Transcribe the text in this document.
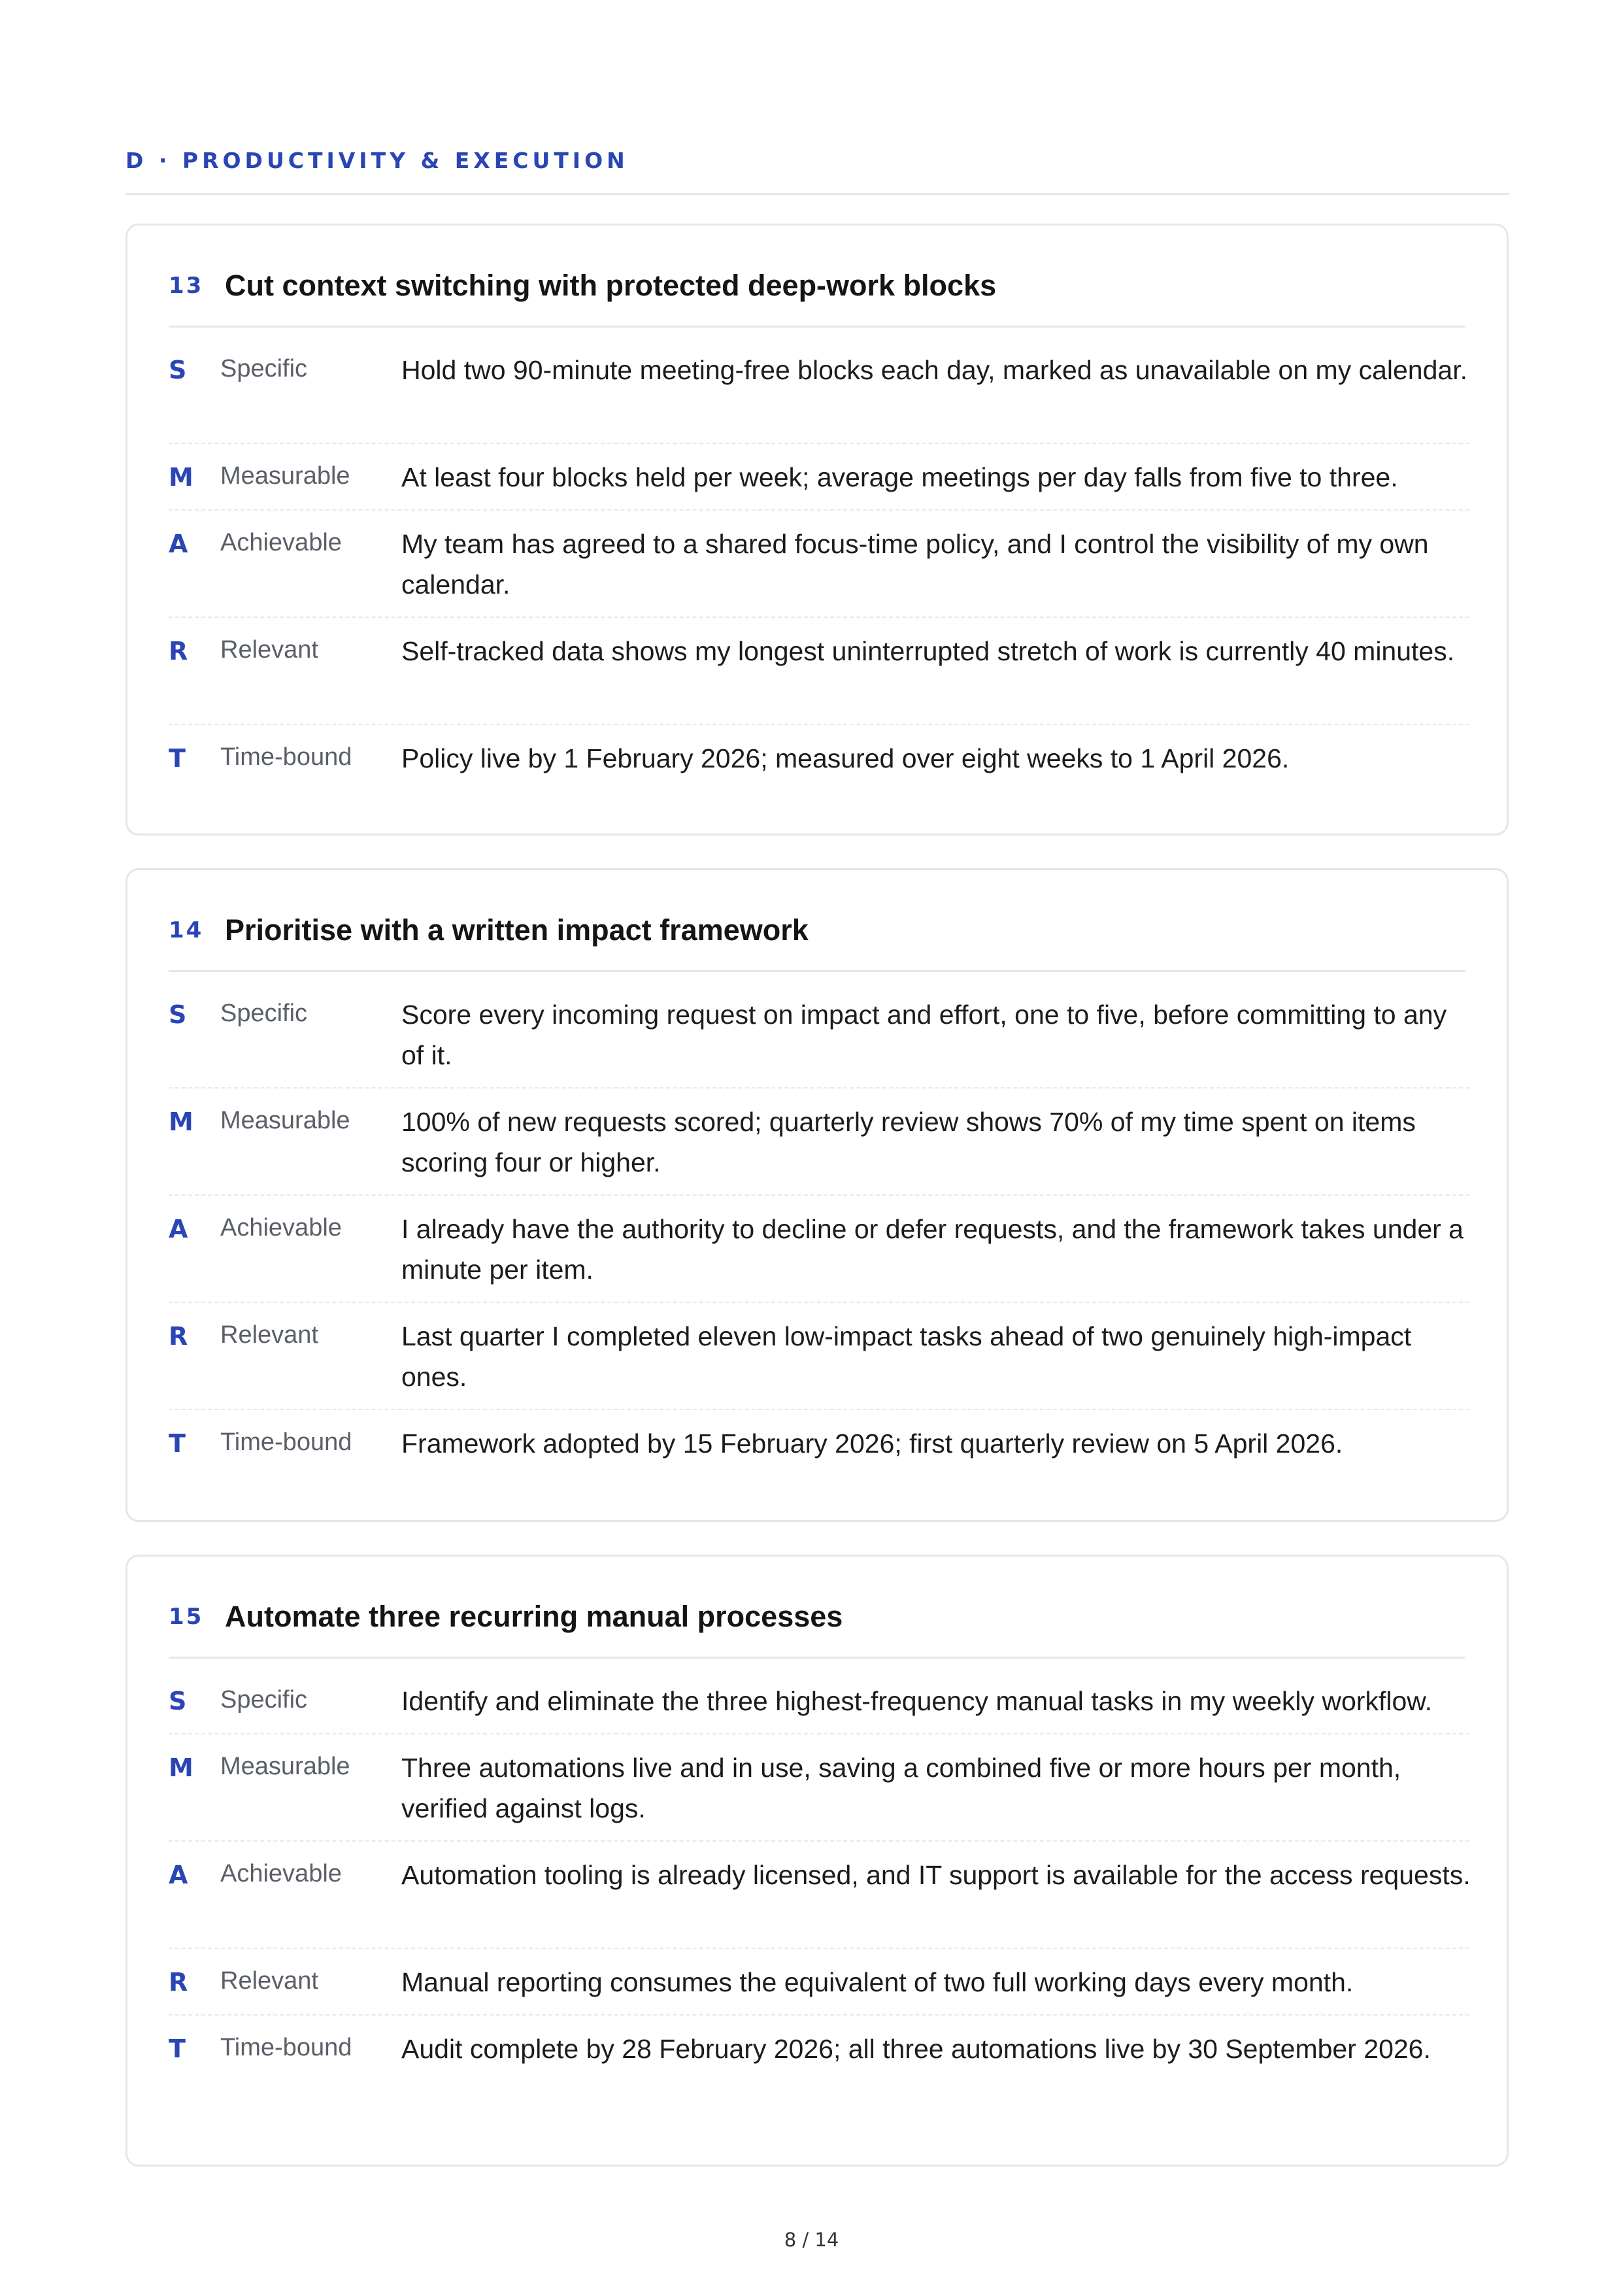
D · PRODUCTIVITY & EXECUTION
13 Cut context switching with protected deep-work blocks
S Specific	Hold two 90-minute meeting-free blocks each day, marked as unavailable on my calendar.
M Measurable At least four blocks held per week; average meetings per day falls from five to three.
A Achievable My team has agreed to a shared focus-time policy, and I control the visibility of my own calendar.
R Relevant	Self-tracked data shows my longest uninterrupted stretch of work is currently 40 minutes.
T Time-bound Policy live by 1 February 2026; measured over eight weeks to 1 April 2026.
14 Prioritise with a written impact framework
S Specific	Score every incoming request on impact and effort, one to five, before committing to any of it.
M Measurable 100% of new requests scored; quarterly review shows 70% of my time spent on items scoring four or higher.
A Achievable I already have the authority to decline or defer requests, and the framework takes under a minute per item.
R Relevant	Last quarter I completed eleven low-impact tasks ahead of two genuinely high-impact ones.
T Time-bound Framework adopted by 15 February 2026; first quarterly review on 5 April 2026.
15 Automate three recurring manual processes
S Specific	Identify and eliminate the three highest-frequency manual tasks in my weekly workflow.
M Measurable Three automations live and in use, saving a combined five or more hours per month, verified against logs.
A Achievable Automation tooling is already licensed, and IT support is available for the access requests.
R Relevant	Manual reporting consumes the equivalent of two full working days every month.
T Time-bound Audit complete by 28 February 2026; all three automations live by 30 September 2026.
8 / 14
